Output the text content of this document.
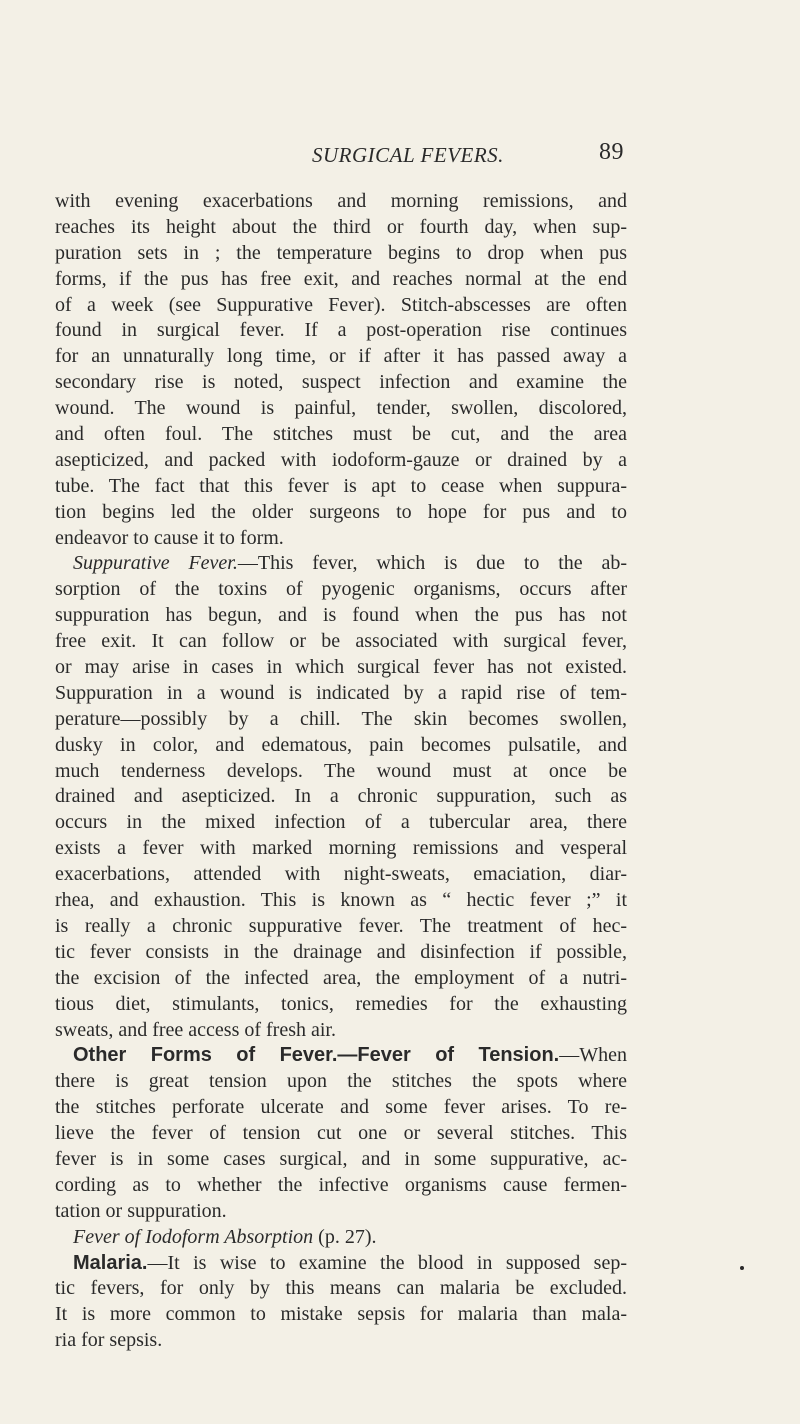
SURGICAL FEVERS.	89
with evening exacerbations and morning remissions, and
reaches its height about the third or fourth day, when sup-
puration sets in ; the temperature begins to drop when pus
forms, if the pus has free exit, and reaches normal at the end
of a week (see Suppurative Fever). Stitch-abscesses are often
found in surgical fever. If a post-operation rise continues
for an unnaturally long time, or if after it has passed away a
secondary rise is noted, suspect infection and examine the
wound. The wound is painful, tender, swollen, discolored,
and often foul. The stitches must be cut, and the area
asepticized, and packed with iodoform-gauze or drained by a
tube. The fact that this fever is apt to cease when suppura-
tion begins led the older surgeons to hope for pus and to
endeavor to cause it to form.
Suppurative Fever.—This fever, which is due to the ab-
sorption of the toxins of pyogenic organisms, occurs after
suppuration has begun, and is found when the pus has not
free exit. It can follow or be associated with surgical fever,
or may arise in cases in which surgical fever has not existed.
Suppuration in a wound is indicated by a rapid rise of tem-
perature—possibly by a chill. The skin becomes swollen,
dusky in color, and edematous, pain becomes pulsatile, and
much tenderness develops. The wound must at once be
drained and asepticized. In a chronic suppuration, such as
occurs in the mixed infection of a tubercular area, there
exists a fever with marked morning remissions and vesperal
exacerbations, attended with night-sweats, emaciation, diar-
rhea, and exhaustion. This is known as “ hectic fever ;” it
is really a chronic suppurative fever. The treatment of hec-
tic fever consists in the drainage and disinfection if possible,
the excision of the infected area, the employment of a nutri-
tious diet, stimulants, tonics, remedies for the exhausting
sweats, and free access of fresh air.
Other Forms of Fever.—Fever of Tension.—When
there is great tension upon the stitches the spots where
the stitches perforate ulcerate and some fever arises. To re-
lieve the fever of tension cut one or several stitches. This
fever is in some cases surgical, and in some suppurative, ac-
cording as to whether the infective organisms cause fermen-
tation or suppuration.
Fever of Iodoform Absorption (p. 27).
Malaria.—It is wise to examine the blood in supposed sep-
tic fevers, for only by this means can malaria be excluded.
It is more common to mistake sepsis for malaria than mala-
ria for sepsis.
